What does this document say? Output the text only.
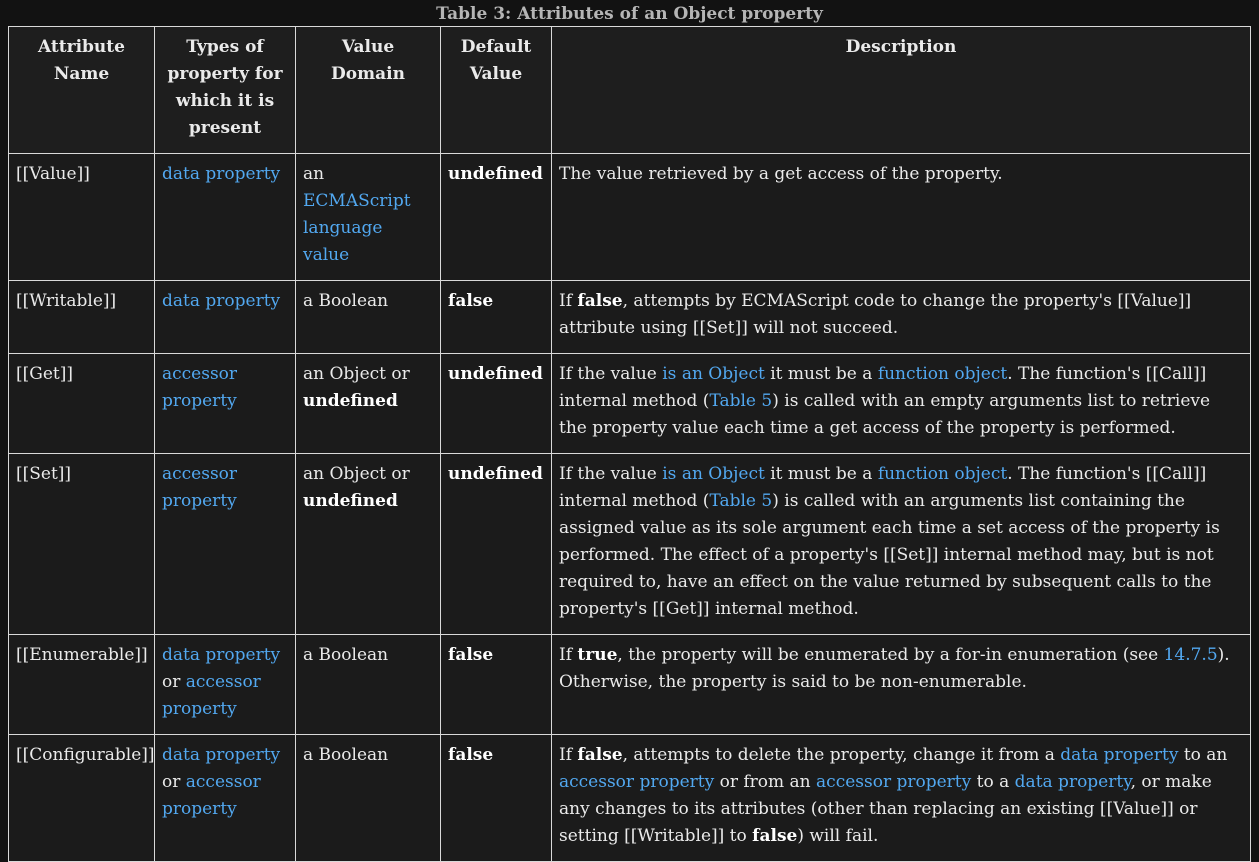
Table 3: Attributes of an Object property
Attribute Name	Types of property for which it is present	Value Domain	Default Value	Description
[[Value]]	data property	an ECMAScript language value	undefined	The value retrieved by a get access of the property.
[[Writable]]	data property	a Boolean	false	If false, attempts by ECMAScript code to change the property's [[Value]] attribute using [[Set]] will not succeed.
[[Get]]	accessor property	an Object or undefined	undefined	If the value is an Object it must be a function object. The function's [[Call]] internal method (Table 5) is called with an empty arguments list to retrieve the property value each time a get access of the property is performed.
[[Set]]	accessor property	an Object or undefined	undefined	If the value is an Object it must be a function object. The function's [[Call]] internal method (Table 5) is called with an arguments list containing the assigned value as its sole argument each time a set access of the property is performed. The effect of a property's [[Set]] internal method may, but is not required to, have an effect on the value returned by subsequent calls to the property's [[Get]] internal method.
[[Enumerable]]	data property or accessor property	a Boolean	false	If true, the property will be enumerated by a for-in enumeration (see 14.7.5). Otherwise, the property is said to be non-enumerable.
[[Configurable]]	data property or accessor property	a Boolean	false	If false, attempts to delete the property, change it from a data property to an accessor property or from an accessor property to a data property, or make any changes to its attributes (other than replacing an existing [[Value]] or setting [[Writable]] to false) will fail.
